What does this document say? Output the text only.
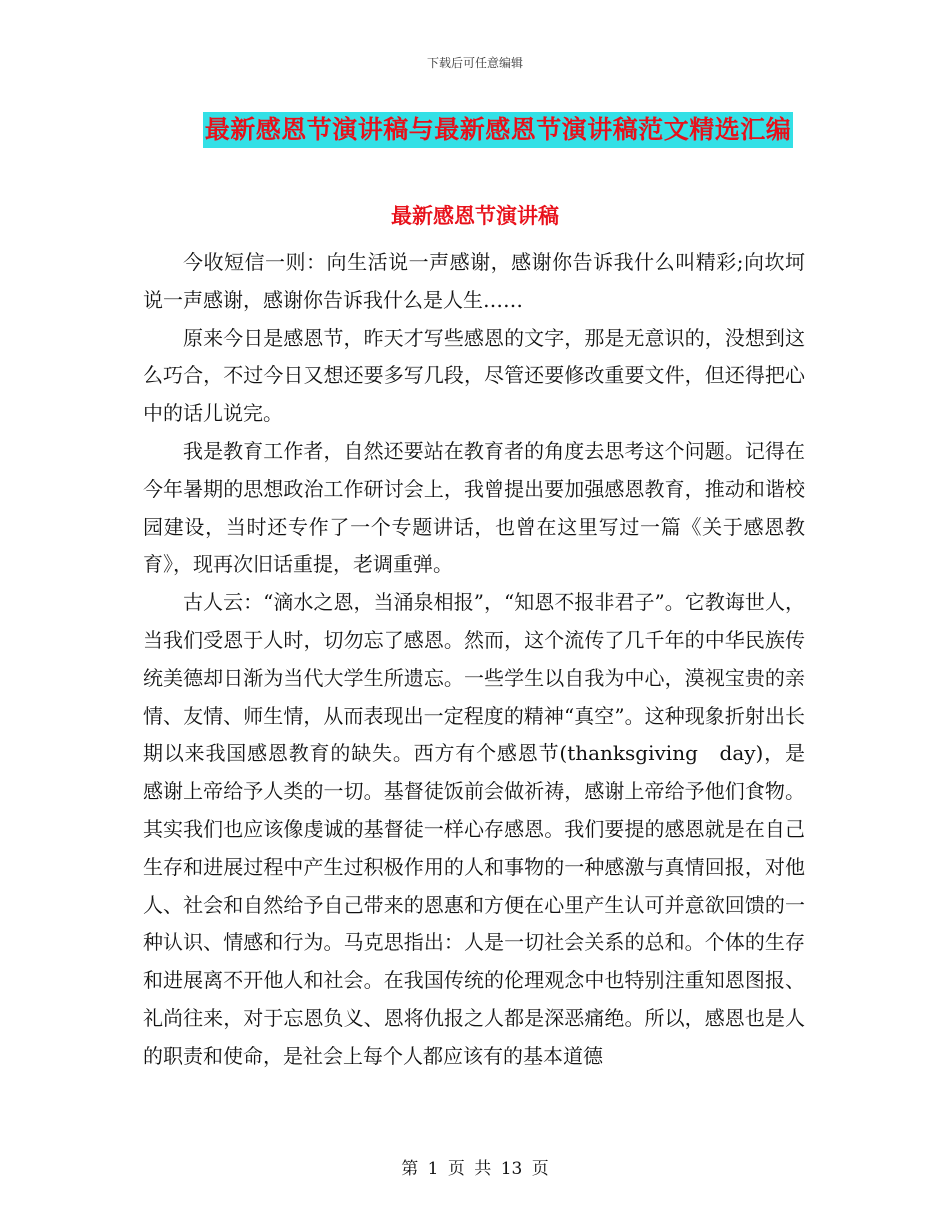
下载后可任意编辑
最新感恩节演讲稿与最新感恩节演讲稿范文精选汇编
最新感恩节演讲稿

今收短信一则：向生活说一声感谢，感谢你告诉我什么叫精彩;向坎坷说一声感谢，感谢你告诉我什么是人生……

原来今日是感恩节，昨天才写些感恩的文字，那是无意识的，没想到这么巧合，不过今日又想还要多写几段，尽管还要修改重要文件，但还得把心中的话儿说完。

我是教育工作者，自然还要站在教育者的角度去思考这个问题。记得在今年暑期的思想政治工作研讨会上，我曾提出要加强感恩教育，推动和谐校园建设，当时还专作了一个专题讲话，也曾在这里写过一篇《关于感恩教育》，现再次旧话重提，老调重弹。

古人云：“滴水之恩，当涌泉相报”，“知恩不报非君子”。它教诲世人，当我们受恩于人时，切勿忘了感恩。然而，这个流传了几千年的中华民族传统美德却日渐为当代大学生所遗忘。一些学生以自我为中心，漠视宝贵的亲情、友情、师生情，从而表现出一定程度的精神“真空”。这种现象折射出长期以来我国感恩教育的缺失。西方有个感恩节(thanksgiving　day)，是感谢上帝给予人类的一切。基督徒饭前会做祈祷，感谢上帝给予他们食物。其实我们也应该像虔诚的基督徒一样心存感恩。我们要提的感恩就是在自己生存和进展过程中产生过积极作用的人和事物的一种感激与真情回报，对他人、社会和自然给予自己带来的恩惠和方便在心里产生认可并意欲回馈的一种认识、情感和行为。马克思指出：人是一切社会关系的总和。个体的生存和进展离不开他人和社会。在我国传统的伦理观念中也特别注重知恩图报、礼尚往来，对于忘恩负义、恩将仇报之人都是深恶痛绝。所以，感恩也是人的职责和使命，是社会上每个人都应该有的基本道德

第 1 页 共 13 页
